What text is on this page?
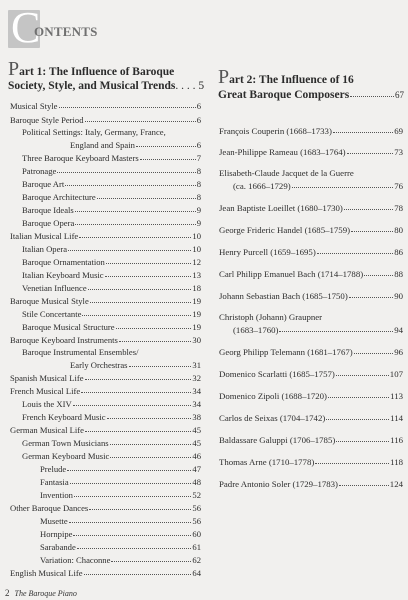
C
ontents
Part 1: The Influence of Baroque
Society, Style, and Musical Trends. . . . 5
Musical Style	6
Baroque Style Period	6
Political Settings: Italy, Germany, France,
England and Spain	6
Three Baroque Keyboard Masters	7
Patronage	8
Baroque Art	8
Baroque Architecture	8
Baroque Ideals	9
Baroque Opera	9
Italian Musical Life	10
Italian Opera	10
Baroque Ornamentation	12
Italian Keyboard Music	13
Venetian Influence	18
Baroque Musical Style	19
Stile Concertante	19
Baroque Musical Structure	19
Baroque Keyboard Instruments	30
Baroque Instrumental Ensembles/
Early Orchestras	31
Spanish Musical Life	32
French Musical Life	34
Louis the XIV	34
French Keyboard Music	38
German Musical Life	45
German Town Musicians	45
German Keyboard Music	46
Prelude	47
Fantasia	48
Invention	52
Other Baroque Dances	56
Musette	56
Hornpipe	60
Sarabande	61
Variation: Chaconne	62
English Musical Life	64
Part 2: The Influence of 16
Great Baroque Composers	67
François Couperin (1668–1733)	69
Jean-Philippe Rameau (1683–1764)	73
Elisabeth-Claude Jacquet de la Guerre
(ca. 1666–1729)	76
Jean Baptiste Loeillet (1680–1730)	78
George Frideric Handel (1685–1759)	80
Henry Purcell (1659–1695)	86
Carl Philipp Emanuel Bach (1714–1788)	88
Johann Sebastian Bach (1685–1750)	90
Christoph (Johann) Graupner
(1683–1760)	94
Georg Philipp Telemann (1681–1767)	96
Domenico Scarlatti (1685–1757)	107
Domenico Zipoli (1688–1720)	113
Carlos de Seixas (1704–1742)	114
Baldassare Galuppi (1706–1785)	116
Thomas Arne (1710–1778)	118
Padre Antonio Soler (1729–1783)	124
2 The Baroque Piano
